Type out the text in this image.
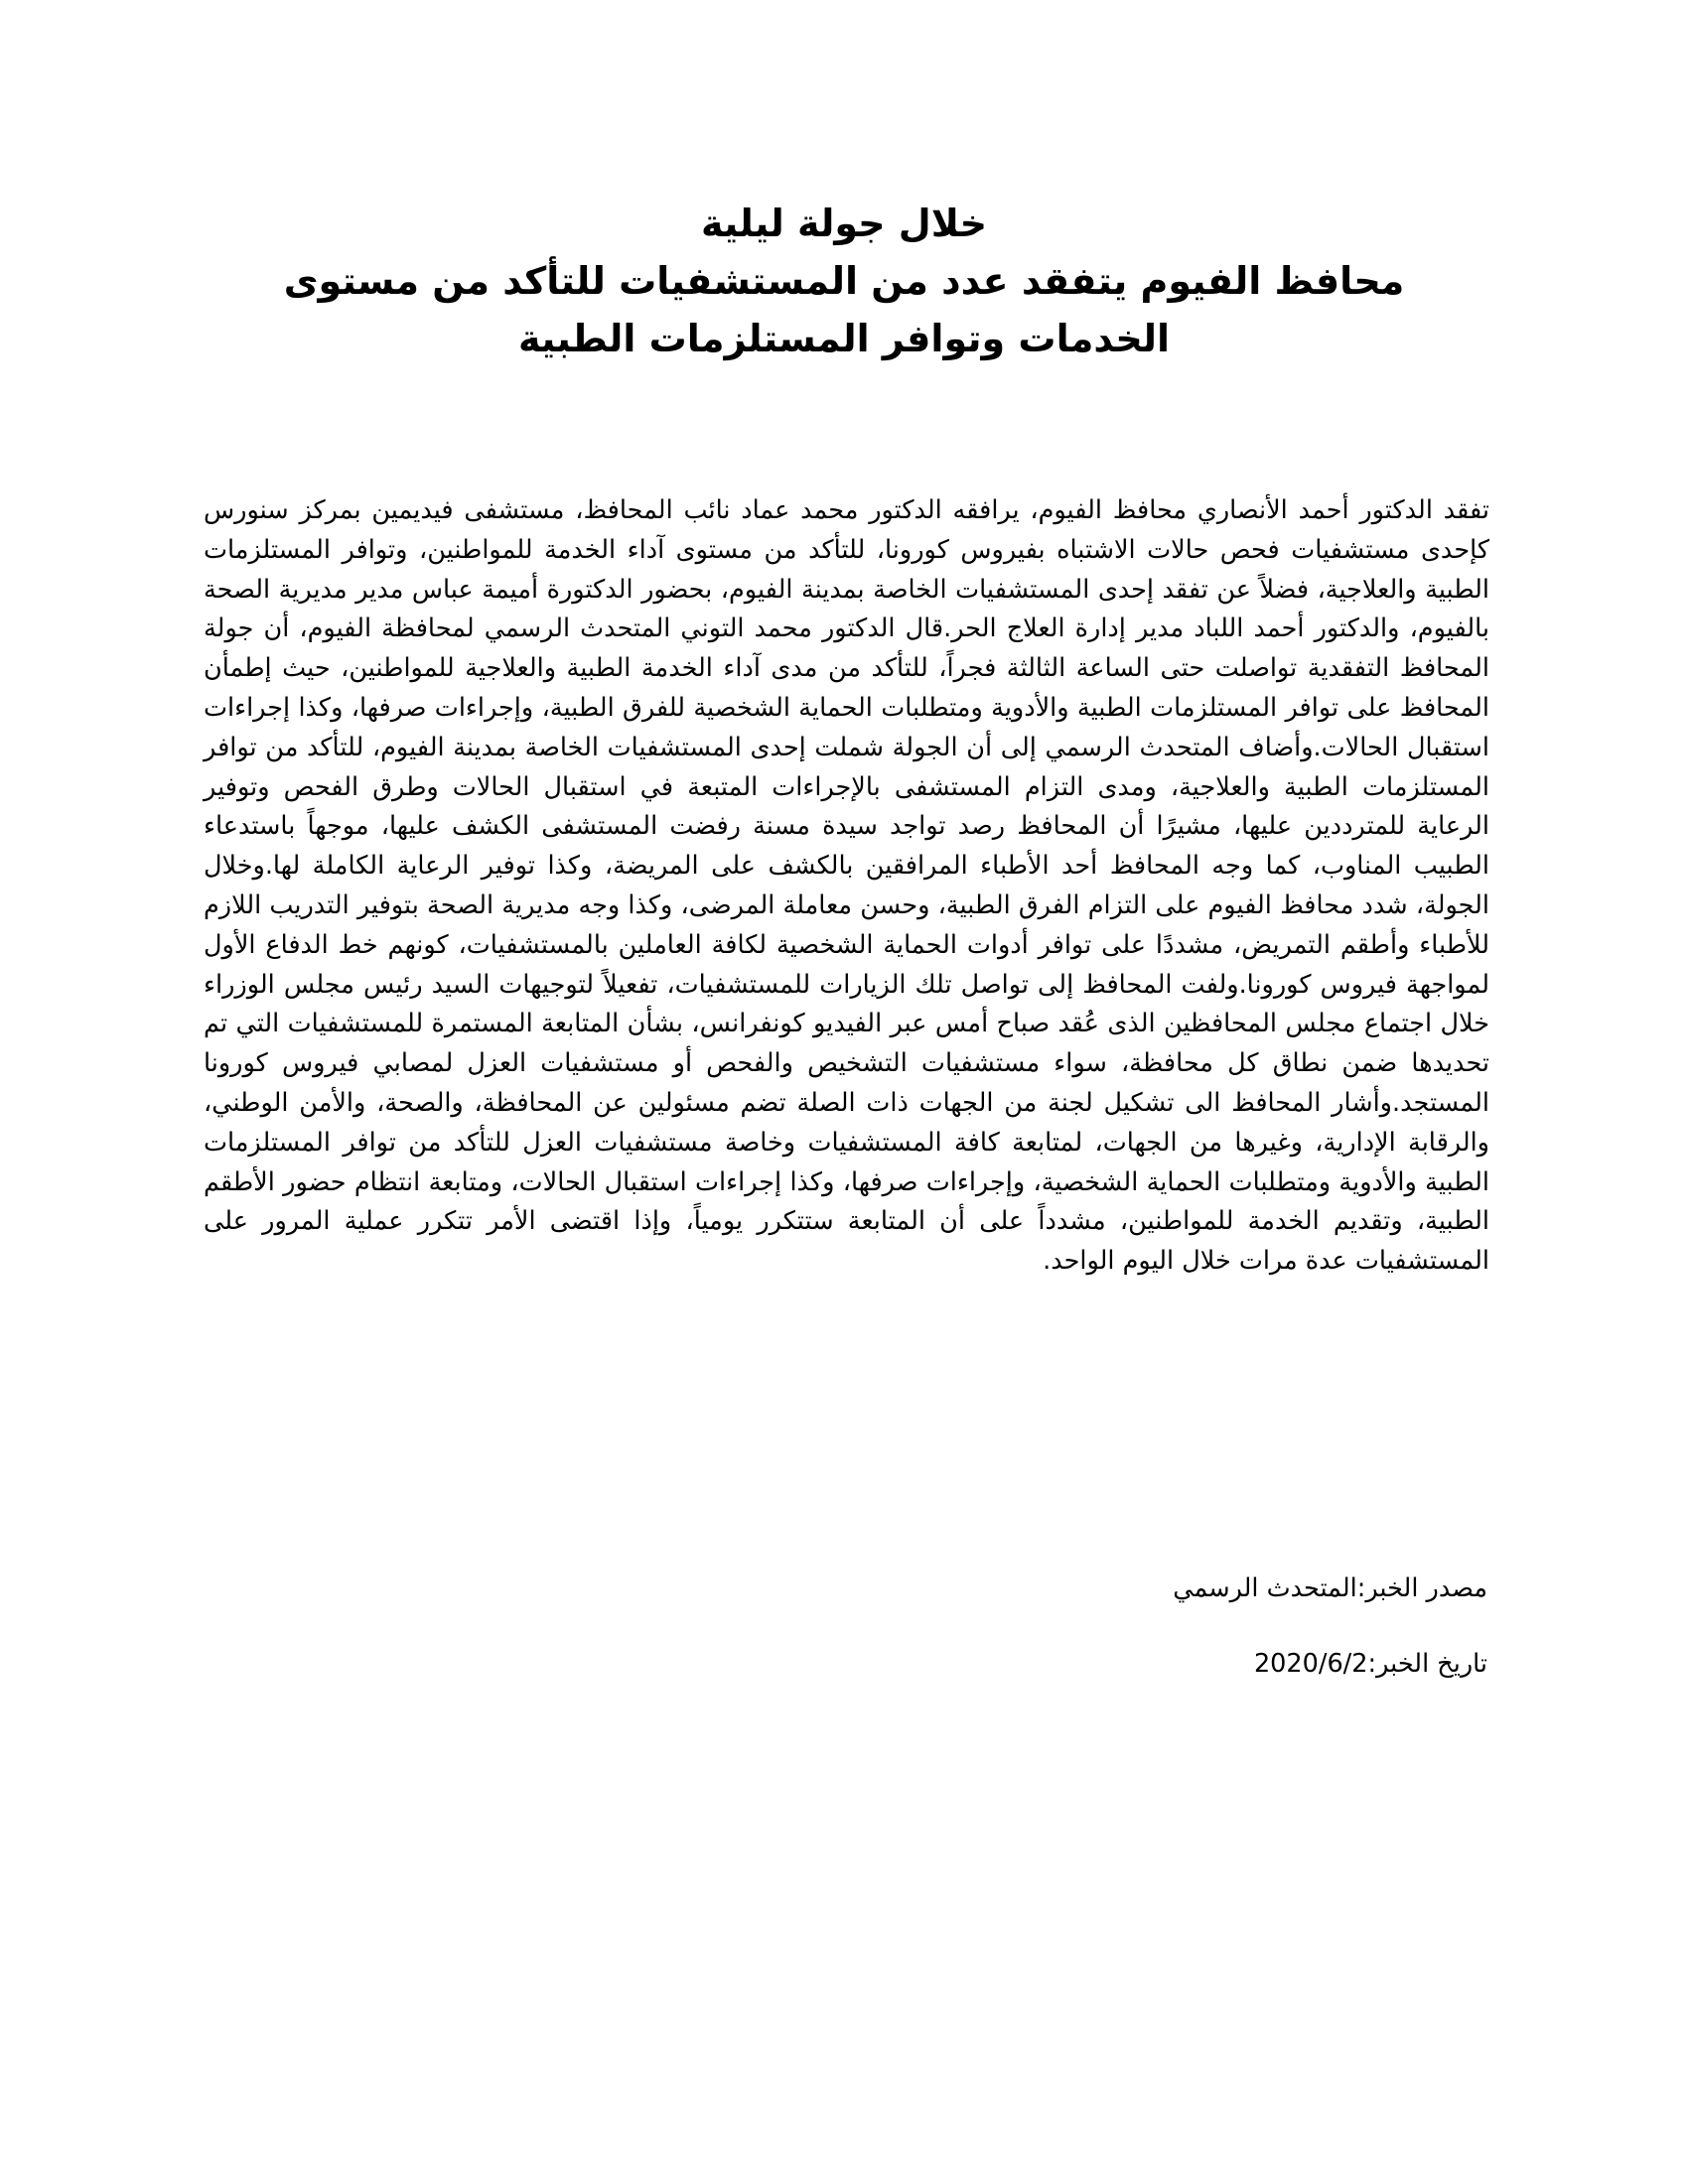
خلال جولة ليلية
محافظ الفيوم يتفقد عدد من المستشفيات للتأكد من مستوى الخدمات وتوافر المستلزمات الطبية

تفقد الدكتور أحمد الأنصاري محافظ الفيوم، يرافقه الدكتور محمد عماد نائب المحافظ، مستشفى فيديمين بمركز سنورس كإحدى مستشفيات فحص حالات الاشتباه بفيروس كورونا، للتأكد من مستوى آداء الخدمة للمواطنين، وتوافر المستلزمات الطبية والعلاجية، فضلاً عن تفقد إحدى المستشفيات الخاصة بمدينة الفيوم، بحضور الدكتورة أميمة عباس مدير مديرية الصحة بالفيوم، والدكتور أحمد اللباد مدير إدارة العلاج الحر.قال الدكتور محمد التوني المتحدث الرسمي لمحافظة الفيوم، أن جولة المحافظ التفقدية تواصلت حتى الساعة الثالثة فجراً، للتأكد من مدى آداء الخدمة الطبية والعلاجية للمواطنين، حيث إطمأن المحافظ على توافر المستلزمات الطبية والأدوية ومتطلبات الحماية الشخصية للفرق الطبية، وإجراءات صرفها، وكذا إجراءات استقبال الحالات.وأضاف المتحدث الرسمي إلى أن الجولة شملت إحدى المستشفيات الخاصة بمدينة الفيوم، للتأكد من توافر المستلزمات الطبية والعلاجية، ومدى التزام المستشفى بالإجراءات المتبعة في استقبال الحالات وطرق الفحص وتوفير الرعاية للمترددين عليها، مشيرًا أن المحافظ رصد تواجد سيدة مسنة رفضت المستشفى الكشف عليها، موجهاً باستدعاء الطبيب المناوب، كما وجه المحافظ أحد الأطباء المرافقين بالكشف على المريضة، وكذا توفير الرعاية الكاملة لها.وخلال الجولة، شدد محافظ الفيوم على التزام الفرق الطبية، وحسن معاملة المرضى، وكذا وجه مديرية الصحة بتوفير التدريب اللازم للأطباء وأطقم التمريض، مشددًا على توافر أدوات الحماية الشخصية لكافة العاملين بالمستشفيات، كونهم خط الدفاع الأول لمواجهة فيروس كورونا.ولفت المحافظ إلى تواصل تلك الزيارات للمستشفيات، تفعيلاً لتوجيهات السيد رئيس مجلس الوزراء خلال اجتماع مجلس المحافظين الذى عُقد صباح أمس عبر الفيديو كونفرانس، بشأن المتابعة المستمرة للمستشفيات التي تم تحديدها ضمن نطاق كل محافظة، سواء مستشفيات التشخيص والفحص أو مستشفيات العزل لمصابي فيروس كورونا المستجد.وأشار المحافظ الى تشكيل لجنة من الجهات ذات الصلة تضم مسئولين عن المحافظة، والصحة، والأمن الوطني، والرقابة الإدارية، وغيرها من الجهات، لمتابعة كافة المستشفيات وخاصة مستشفيات العزل للتأكد من توافر المستلزمات الطبية والأدوية ومتطلبات الحماية الشخصية، وإجراءات صرفها، وكذا إجراءات استقبال الحالات، ومتابعة انتظام حضور الأطقم الطبية، وتقديم الخدمة للمواطنين، مشدداً على أن المتابعة ستتكرر يومياً، وإذا اقتضى الأمر تتكرر عملية المرور على المستشفيات عدة مرات خلال اليوم الواحد.

مصدر الخبر:المتحدث الرسمي

تاريخ الخبر:2020/6/2
